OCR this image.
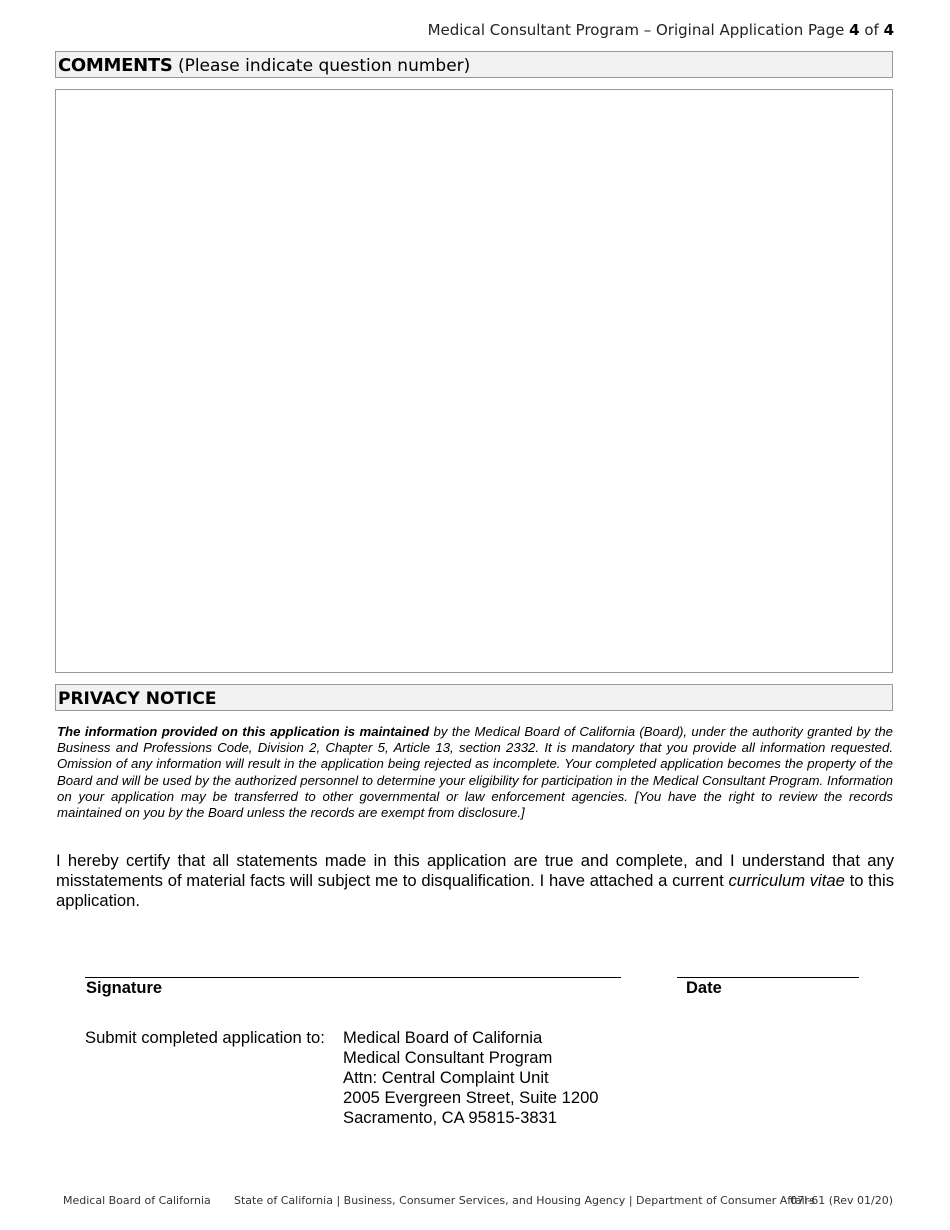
Medical Consultant Program – Original Application Page 4 of 4
COMMENTS (Please indicate question number)
PRIVACY NOTICE
The information provided on this application is maintained by the Medical Board of California (Board), under the authority granted by the Business and Professions Code, Division 2, Chapter 5, Article 13, section 2332. It is mandatory that you provide all information requested. Omission of any information will result in the application being rejected as incomplete. Your completed application becomes the property of the Board and will be used by the authorized personnel to determine your eligibility for participation in the Medical Consultant Program. Information on your application may be transferred to other governmental or law enforcement agencies. [You have the right to review the records maintained on you by the Board unless the records are exempt from disclosure.]
I hereby certify that all statements made in this application are true and complete, and I understand that any misstatements of material facts will subject me to disqualification. I have attached a current curriculum vitae to this application.
Signature	Date
Submit completed application to: Medical Board of California
Medical Consultant Program
Attn: Central Complaint Unit
2005 Evergreen Street, Suite 1200
Sacramento, CA 95815-3831
Medical Board of California State of California | Business, Consumer Services, and Housing Agency | Department of Consumer Affairs
07I-61 (Rev 01/20)
